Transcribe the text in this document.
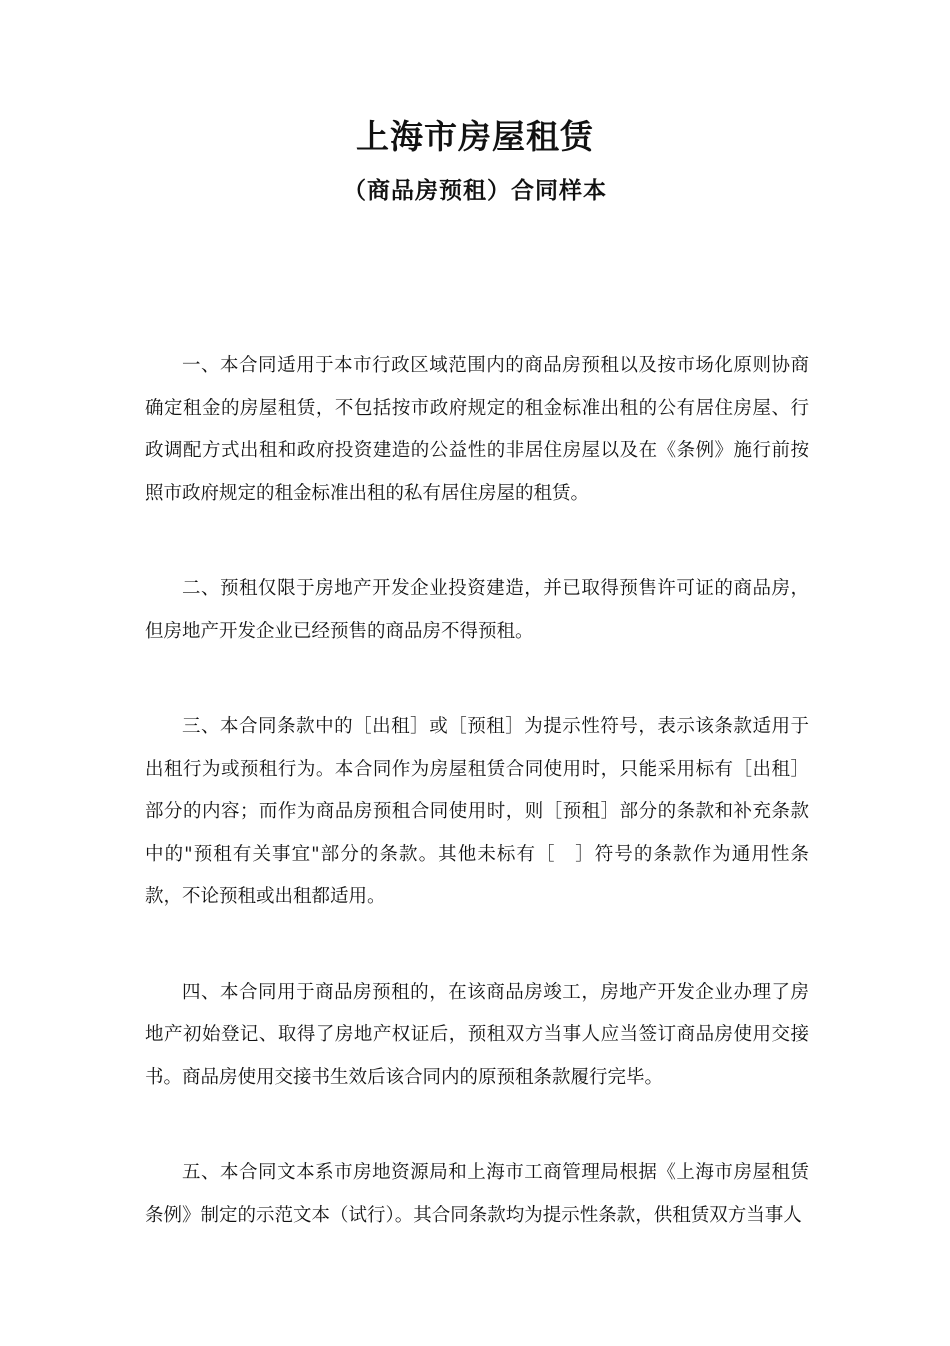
上海市房屋租赁
（商品房预租）合同样本

一、本合同适用于本市行政区域范围内的商品房预租以及按市场化原则协商确定租金的房屋租赁，不包括按市政府规定的租金标准出租的公有居住房屋、行政调配方式出租和政府投资建造的公益性的非居住房屋以及在《条例》施行前按照市政府规定的租金标准出租的私有居住房屋的租赁。

二、预租仅限于房地产开发企业投资建造，并已取得预售许可证的商品房，但房地产开发企业已经预售的商品房不得预租。

三、本合同条款中的［出租］或［预租］为提示性符号，表示该条款适用于出租行为或预租行为。本合同作为房屋租赁合同使用时，只能采用标有［出租］部分的内容；而作为商品房预租合同使用时，则［预租］部分的条款和补充条款中的"预租有关事宜"部分的条款。其他未标有［　］符号的条款作为通用性条款，不论预租或出租都适用。

四、本合同用于商品房预租的，在该商品房竣工，房地产开发企业办理了房地产初始登记、取得了房地产权证后，预租双方当事人应当签订商品房使用交接书。商品房使用交接书生效后该合同内的原预租条款履行完毕。

五、本合同文本系市房地资源局和上海市工商管理局根据《上海市房屋租赁条例》制定的示范文本（试行）。其合同条款均为提示性条款，供租赁双方当事人
